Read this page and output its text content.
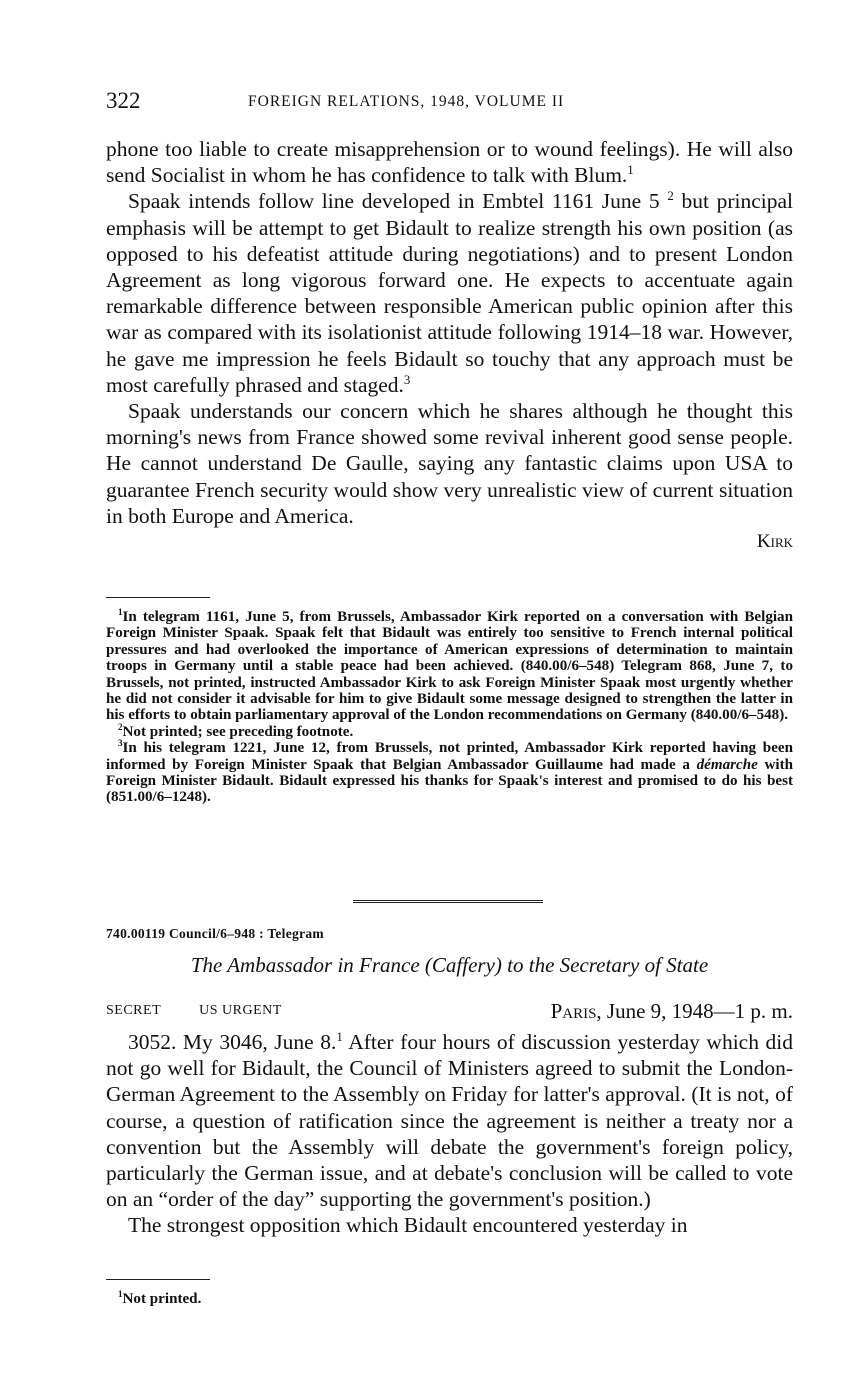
322	FOREIGN RELATIONS, 1948, VOLUME II

phone too liable to create misapprehension or to wound feelings). He will also send Socialist in whom he has confidence to talk with Blum.$^1$

Spaak intends follow line developed in Embtel 1161 June 5 $^2$ but principal emphasis will be attempt to get Bidault to realize strength his own position (as opposed to his defeatist attitude during negotiations) and to present London Agreement as long vigorous forward one. He expects to accentuate again remarkable difference between responsible American public opinion after this war as compared with its isolationist attitude following 1914–18 war. However, he gave me impression he feels Bidault so touchy that any approach must be most carefully phrased and staged.$^3$

Spaak understands our concern which he shares although he thought this morning's news from France showed some revival inherent good sense people. He cannot understand De Gaulle, saying any fantastic claims upon USA to guarantee French security would show very unrealistic view of current situation in both Europe and America.

Kirk

$^1$In telegram 1161, June 5, from Brussels, Ambassador Kirk reported on a conversation with Belgian Foreign Minister Spaak. Spaak felt that Bidault was entirely too sensitive to French internal political pressures and had overlooked the importance of American expressions of determination to maintain troops in Germany until a stable peace had been achieved. (840.00/6–548) Telegram 868, June 7, to Brussels, not printed, instructed Ambassador Kirk to ask Foreign Minister Spaak most urgently whether he did not consider it advisable for him to give Bidault some message designed to strengthen the latter in his efforts to obtain parliamentary approval of the London recommendations on Germany (840.00/6–548).

$^2$Not printed; see preceding footnote.

$^3$In his telegram 1221, June 12, from Brussels, not printed, Ambassador Kirk reported having been informed by Foreign Minister Spaak that Belgian Ambassador Guillaume had made a démarche with Foreign Minister Bidault. Bidault expressed his thanks for Spaak's interest and promised to do his best (851.00/6–1248).

740.00119 Council/6–948 : Telegram
The Ambassador in France (Caffery) to the Secretary of State
SECRET	US URGENT	Paris, June 9, 1948—1 p. m.

3052. My 3046, June 8.$^1$ After four hours of discussion yesterday which did not go well for Bidault, the Council of Ministers agreed to submit the London-German Agreement to the Assembly on Friday for latter's approval. (It is not, of course, a question of ratification since the agreement is neither a treaty nor a convention but the Assembly will debate the government's foreign policy, particularly the German issue, and at debate's conclusion will be called to vote on an “order of the day” supporting the government's position.)

The strongest opposition which Bidault encountered yesterday in

$^1$Not printed.
